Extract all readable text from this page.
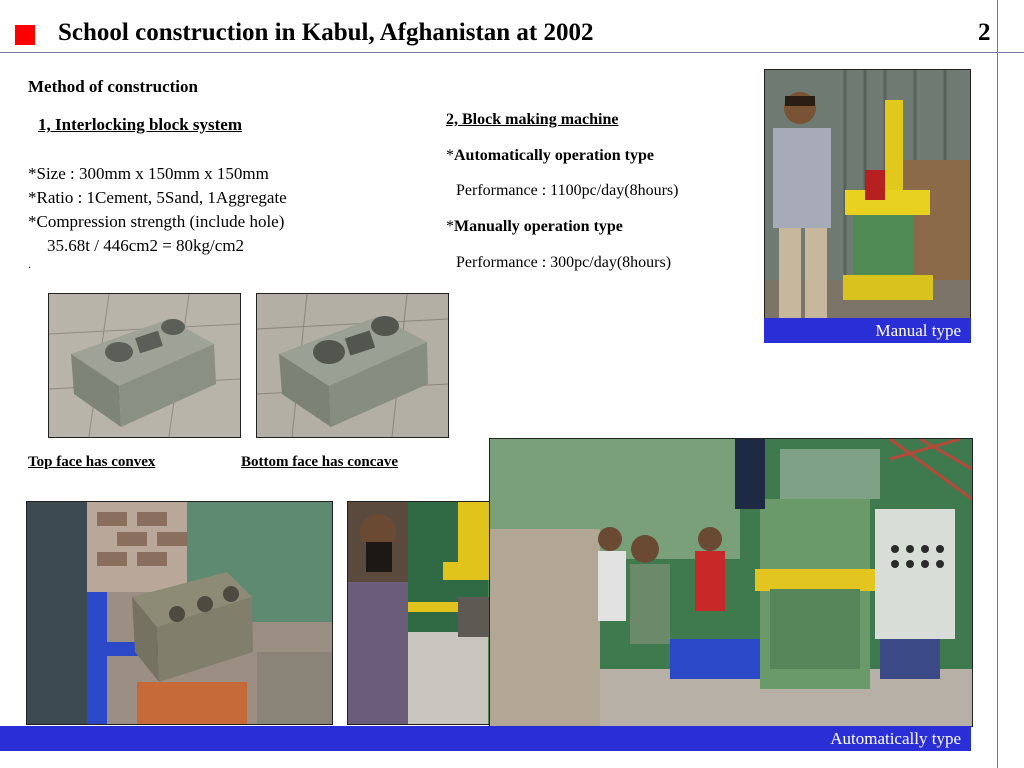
School construction in Kabul, Afghanistan at 2002	2
Method of construction
1, Interlocking block system
*Size : 300mm x 150mm x 150mm
*Ratio : 1Cement, 5Sand, 1Aggregate
*Compression strength (include hole)
35.68t / 446cm2 = 80kg/cm2
.
2, Block making machine
*Automatically operation type
Performance : 1100pc/day(8hours)
*Manually operation type
Performance : 300pc/day(8hours)
Top face has convex	Bottom face has concave
Manual type
Automatically type
